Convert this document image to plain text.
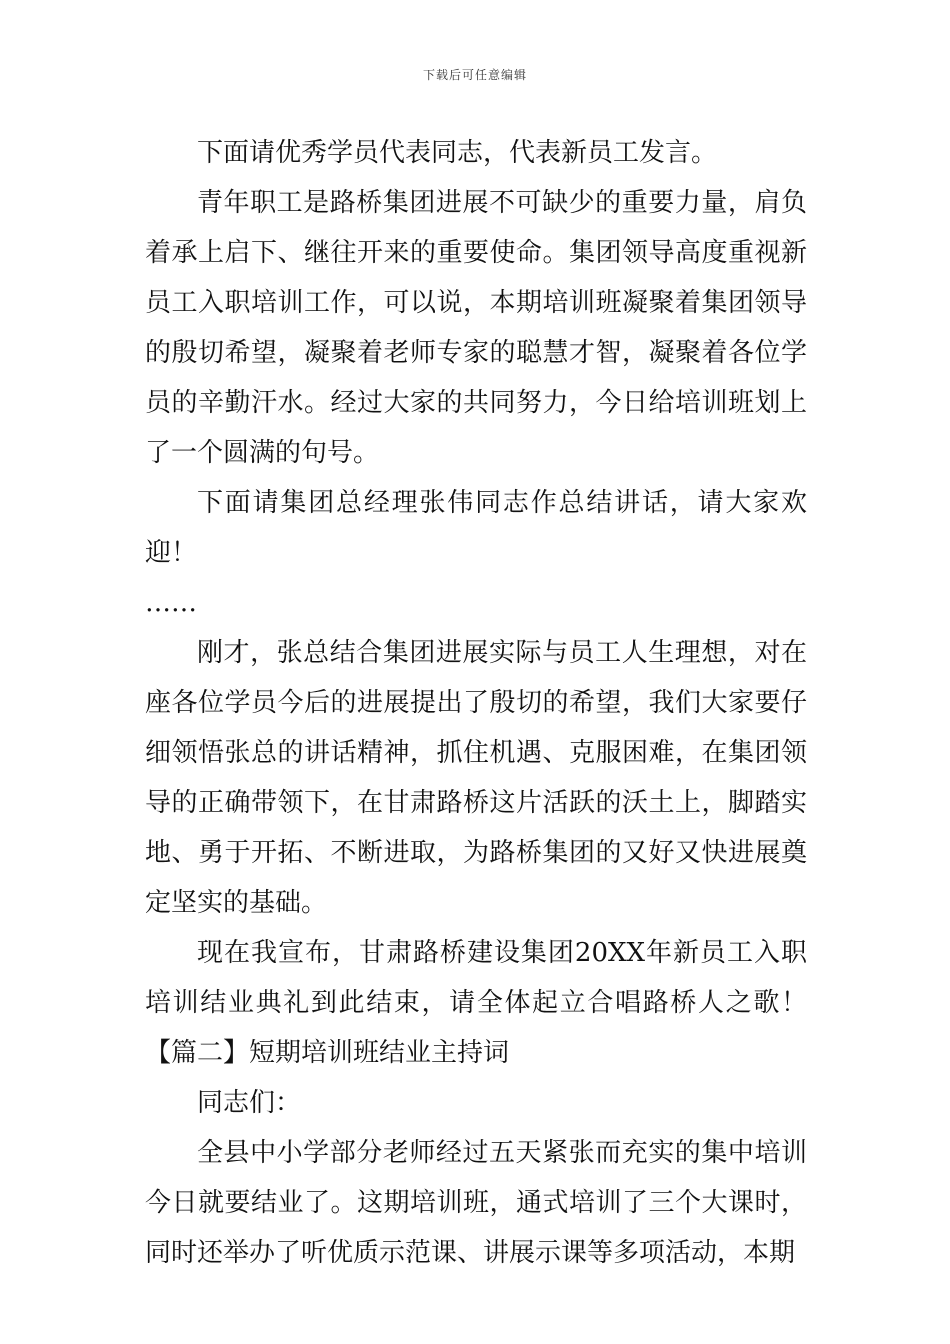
下载后可任意编辑

下面请优秀学员代表同志，代表新员工发言。

青年职工是路桥集团进展不可缺少的重要力量，肩负着承上启下、继往开来的重要使命。集团领导高度重视新员工入职培训工作，可以说，本期培训班凝聚着集团领导的殷切希望，凝聚着老师专家的聪慧才智，凝聚着各位学员的辛勤汗水。经过大家的共同努力，今日给培训班划上了一个圆满的句号。

下面请集团总经理张伟同志作总结讲话，请大家欢迎！

……

刚才，张总结合集团进展实际与员工人生理想，对在座各位学员今后的进展提出了殷切的希望，我们大家要仔细领悟张总的讲话精神，抓住机遇、克服困难，在集团领导的正确带领下，在甘肃路桥这片活跃的沃土上，脚踏实地、勇于开拓、不断进取，为路桥集团的又好又快进展奠定坚实的基础。

现在我宣布，甘肃路桥建设集团20XX年新员工入职培训结业典礼到此结束，请全体起立合唱路桥人之歌！【篇二】短期培训班结业主持词

同志们：

全县中小学部分老师经过五天紧张而充实的集中培训今日就要结业了。这期培训班，通式培训了三个大课时，同时还举办了听优质示范课、讲展示课等多项活动，本期
